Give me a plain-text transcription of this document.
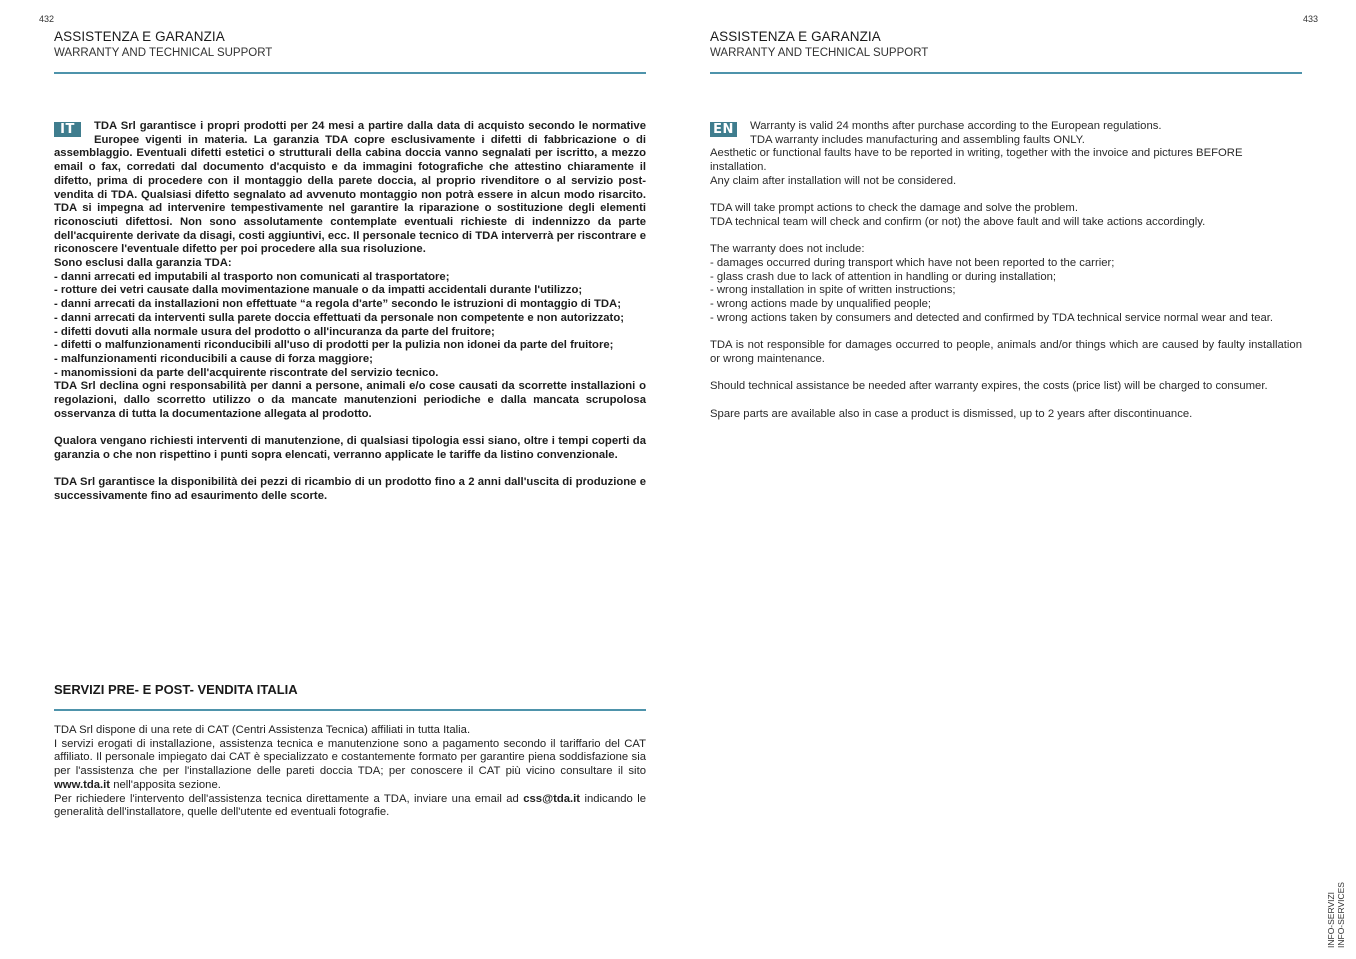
432	433
ASSISTENZA E GARANZIA
WARRANTY AND TECHNICAL SUPPORT
ASSISTENZA E GARANZIA
WARRANTY AND TECHNICAL SUPPORT
IT	TDA Srl garantisce i propri prodotti per 24 mesi a partire dalla data di acquisto secondo le normative Europee vigenti in materia. La garanzia TDA copre esclusivamente i difetti di fabbricazione o di assemblaggio. Eventuali difetti estetici o strutturali della cabina doccia vanno segnalati per iscritto, a mezzo email o fax, corredati dal documento d'acquisto e da immagini fotografiche che attestino chiaramente il difetto, prima di procedere con il montaggio della parete doccia, al proprio rivenditore o al servizio post-vendita di TDA. Qualsiasi difetto segnalato ad avvenuto montaggio non potrà essere in alcun modo risarcito. TDA si impegna ad intervenire tempestivamente nel garantire la riparazione o sostituzione degli elementi riconosciuti difettosi. Non sono assolutamente contemplate eventuali richieste di indennizzo da parte dell'acquirente derivate da disagi, costi aggiuntivi, ecc. Il personale tecnico di TDA interverrà per riscontrare e riconoscere l'eventuale difetto per poi procedere alla sua risoluzione.

Sono esclusi dalla garanzia TDA:

- danni arrecati ed imputabili al trasporto non comunicati al trasportatore;
- rotture dei vetri causate dalla movimentazione manuale o da impatti accidentali durante l'utilizzo;
- danni arrecati da installazioni non effettuate “a regola d'arte” secondo le istruzioni di montaggio di TDA;
- danni arrecati da interventi sulla parete doccia effettuati da personale non competente e non autorizzato;
- difetti dovuti alla normale usura del prodotto o all'incuranza da parte del fruitore;
- difetti o malfunzionamenti riconducibili all'uso di prodotti per la pulizia non idonei da parte del fruitore;
- malfunzionamenti riconducibili a cause di forza maggiore;
- manomissioni da parte dell'acquirente riscontrate del servizio tecnico.

TDA Srl declina ogni responsabilità per danni a persone, animali e/o cose causati da scorrette installazioni o regolazioni, dallo scorretto utilizzo o da mancate manutenzioni periodiche e dalla mancata scrupolosa osservanza di tutta la documentazione allegata al prodotto.

Qualora vengano richiesti interventi di manutenzione, di qualsiasi tipologia essi siano, oltre i tempi coperti da garanzia o che non rispettino i punti sopra elencati, verranno applicate le tariffe da listino convenzionale.

TDA Srl garantisce la disponibilità dei pezzi di ricambio di un prodotto fino a 2 anni dall'uscita di produzione e successivamente fino ad esaurimento delle scorte.

EN	Warranty is valid 24 months after purchase according to the European regulations.

TDA warranty includes manufacturing and assembling faults ONLY.

Aesthetic or functional faults have to be reported in writing, together with the invoice and pictures BEFORE installation.

Any claim after installation will not be considered.

TDA will take prompt actions to check the damage and solve the problem.

TDA technical team will check and confirm (or not) the above fault and will take actions accordingly.

The warranty does not include:

- damages occurred during transport which have not been reported to the carrier;
- glass crash due to lack of attention in handling or during installation;
- wrong installation in spite of written instructions;
- wrong actions made by unqualified people;
- wrong actions taken by consumers and detected and confirmed by TDA technical service normal wear and tear.

TDA is not responsible for damages occurred to people, animals and/or things which are caused by faulty installation or wrong maintenance.

Should technical assistance be needed after warranty expires, the costs (price list) will be charged to consumer.

Spare parts are available also in case a product is dismissed, up to 2 years after discontinuance.

SERVIZI PRE- E POST- VENDITA ITALIA

TDA Srl dispone di una rete di CAT (Centri Assistenza Tecnica) affiliati in tutta Italia.

I servizi erogati di installazione, assistenza tecnica e manutenzione sono a pagamento secondo il tariffario del CAT affiliato. Il personale impiegato dai CAT è specializzato e costantemente formato per garantire piena soddisfazione sia per l'assistenza che per l'installazione delle pareti doccia TDA; per conoscere il CAT più vicino consultare il sito www.tda.it nell'apposita sezione.

Per richiedere l'intervento dell'assistenza tecnica direttamente a TDA, inviare una email ad css@tda.it indicando le generalità dell'installatore, quelle dell'utente ed eventuali fotografie.

INFO-SERVIZI INFO-SERVICES
